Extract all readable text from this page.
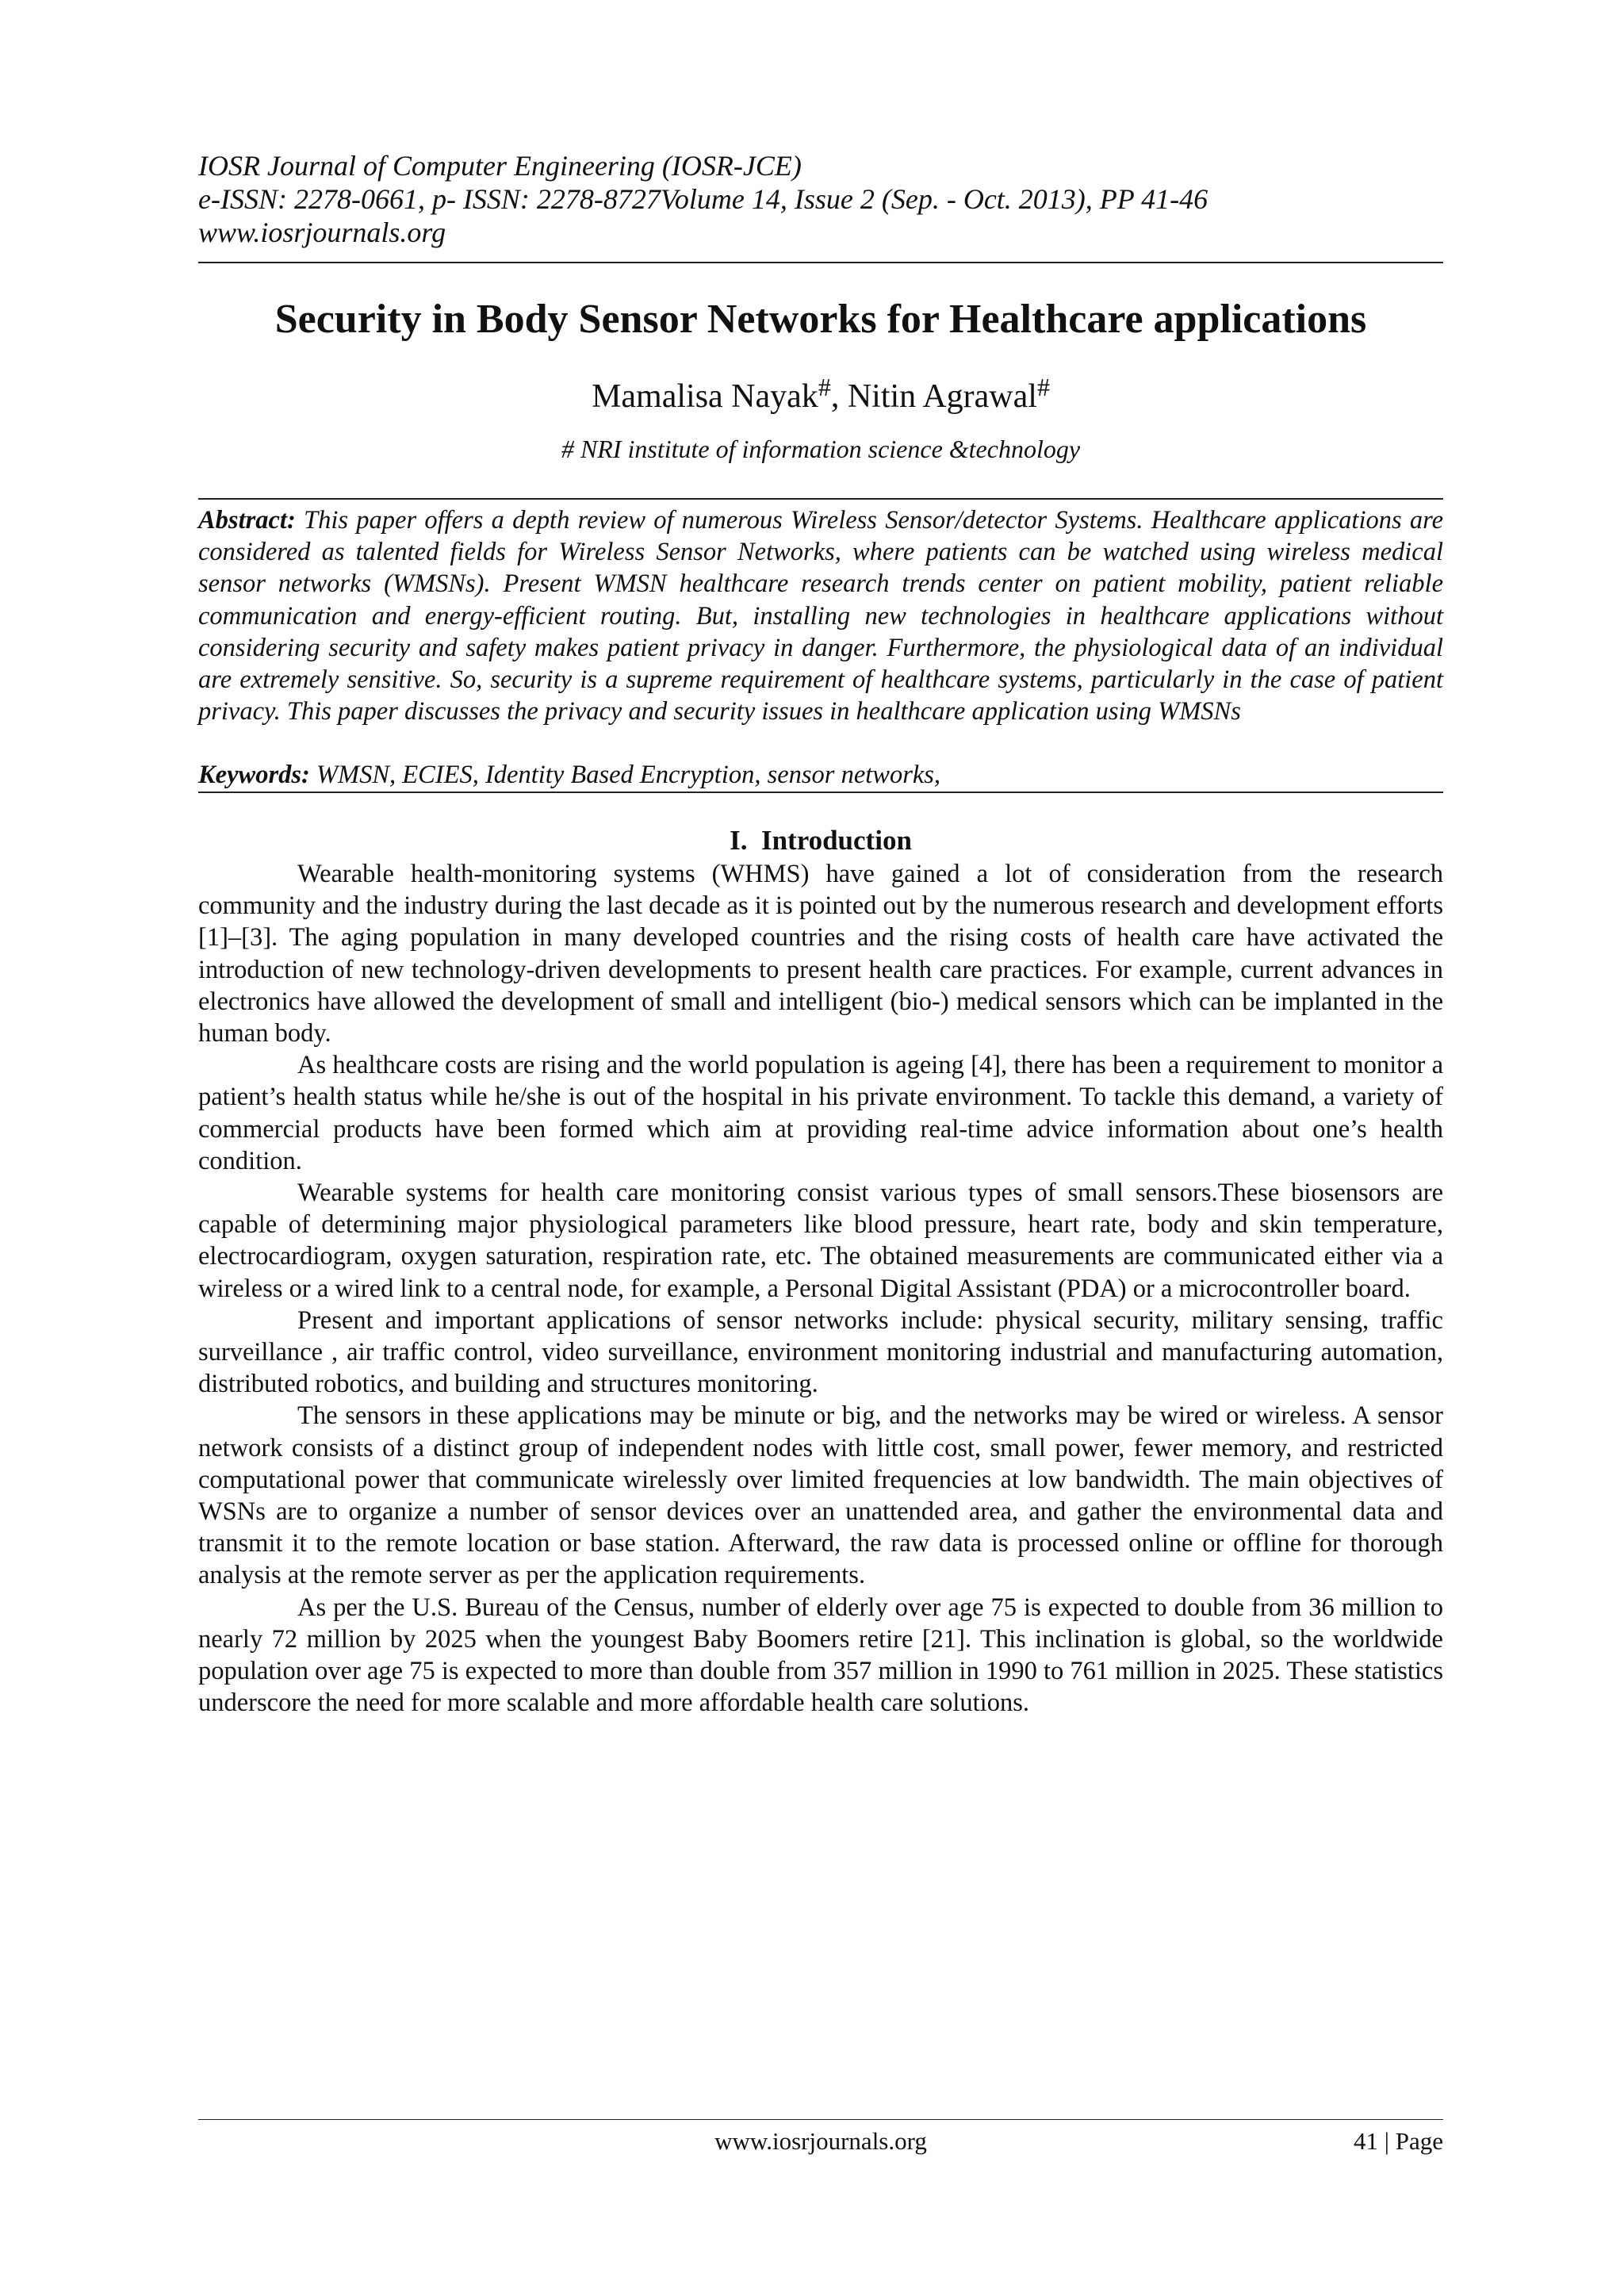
IOSR Journal of Computer Engineering (IOSR-JCE)
e-ISSN: 2278-0661, p- ISSN: 2278-8727Volume 14, Issue 2 (Sep. - Oct. 2013), PP 41-46
www.iosrjournals.org
Security in Body Sensor Networks for Healthcare applications
Mamalisa Nayak#, Nitin Agrawal#
# NRI institute of information science &technology
Abstract: This paper offers a depth review of numerous Wireless Sensor/detector Systems. Healthcare applications are considered as talented fields for Wireless Sensor Networks, where patients can be watched using wireless medical sensor networks (WMSNs). Present WMSN healthcare research trends center on patient mobility, patient reliable communication and energy-efficient routing. But, installing new technologies in healthcare applications without considering security and safety makes patient privacy in danger. Furthermore, the physiological data of an individual are extremely sensitive. So, security is a supreme requirement of healthcare systems, particularly in the case of patient privacy. This paper discusses the privacy and security issues in healthcare application using WMSNs
Keywords: WMSN, ECIES, Identity Based Encryption, sensor networks,
I. Introduction

Wearable health-monitoring systems (WHMS) have gained a lot of consideration from the research community and the industry during the last decade as it is pointed out by the numerous research and development efforts [1]–[3]. The aging population in many developed countries and the rising costs of health care have activated the introduction of new technology-driven developments to present health care practices. For example, current advances in electronics have allowed the development of small and intelligent (bio-) medical sensors which can be implanted in the human body.

As healthcare costs are rising and the world population is ageing [4], there has been a requirement to monitor a patient’s health status while he/she is out of the hospital in his private environment. To tackle this demand, a variety of commercial products have been formed which aim at providing real-time advice information about one’s health condition.

Wearable systems for health care monitoring consist various types of small sensors.These biosensors are capable of determining major physiological parameters like blood pressure, heart rate, body and skin temperature, electrocardiogram, oxygen saturation, respiration rate, etc. The obtained measurements are communicated either via a wireless or a wired link to a central node, for example, a Personal Digital Assistant (PDA) or a microcontroller board.

Present and important applications of sensor networks include: physical security, military sensing, traffic surveillance , air traffic control, video surveillance, environment monitoring industrial and manufacturing automation, distributed robotics, and building and structures monitoring.

The sensors in these applications may be minute or big, and the networks may be wired or wireless. A sensor network consists of a distinct group of independent nodes with little cost, small power, fewer memory, and restricted computational power that communicate wirelessly over limited frequencies at low bandwidth. The main objectives of WSNs are to organize a number of sensor devices over an unattended area, and gather the environmental data and transmit it to the remote location or base station. Afterward, the raw data is processed online or offline for thorough analysis at the remote server as per the application requirements.

As per the U.S. Bureau of the Census, number of elderly over age 75 is expected to double from 36 million to nearly 72 million by 2025 when the youngest Baby Boomers retire [21]. This inclination is global, so the worldwide population over age 75 is expected to more than double from 357 million in 1990 to 761 million in 2025. These statistics underscore the need for more scalable and more affordable health care solutions.

www.iosrjournals.org	41 | Page
